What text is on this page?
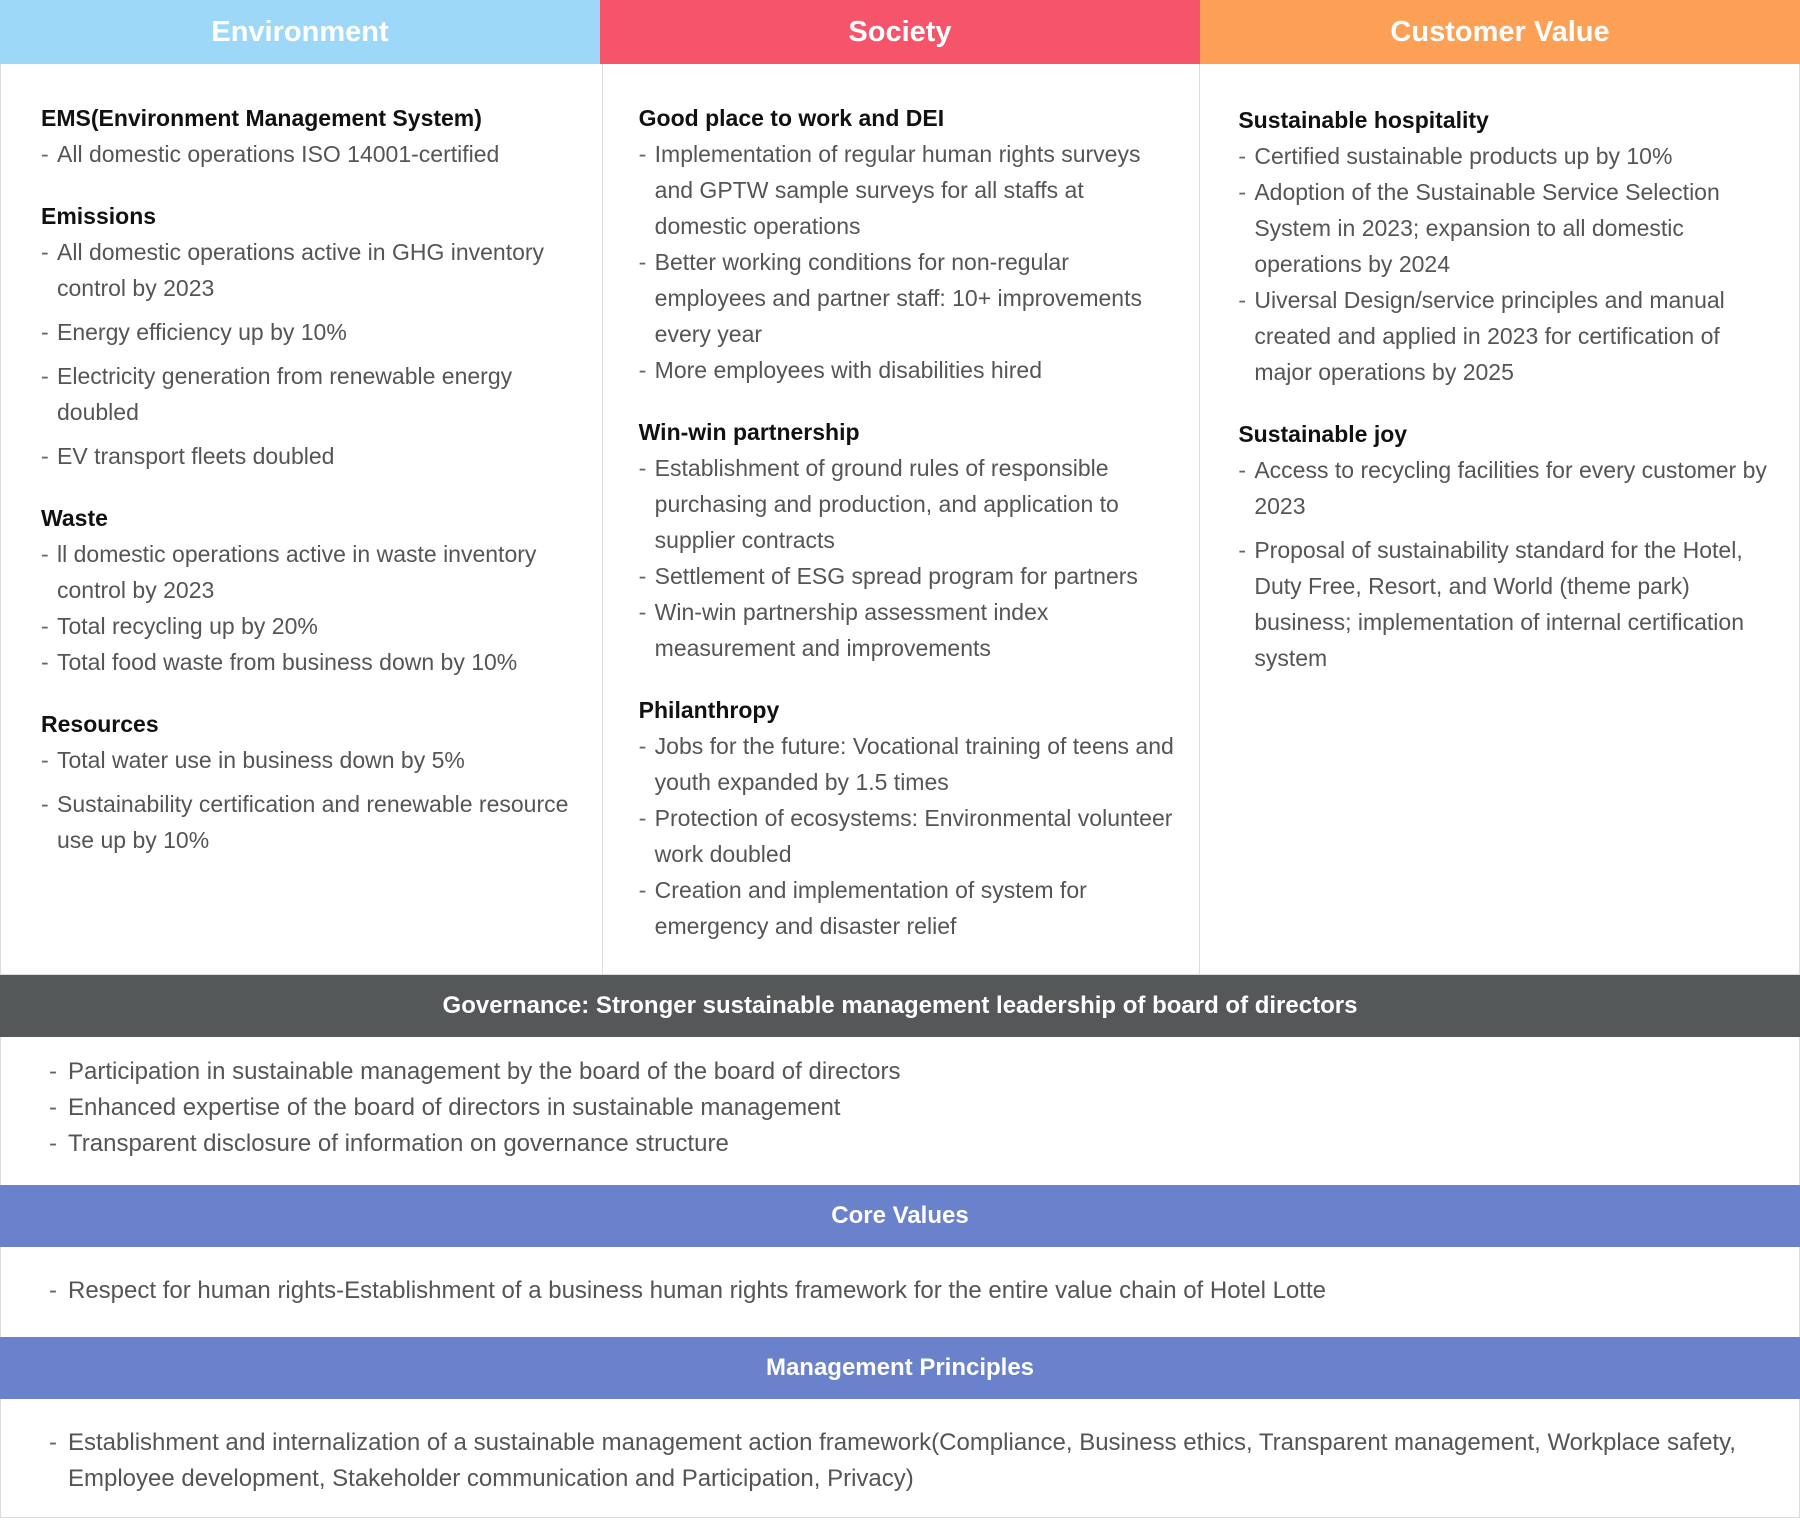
Environment	Society	Customer Value
EMS(Environment Management System)
- All domestic operations ISO 14001-certified
Emissions
- All domestic operations active in GHG inventory control by 2023
- Energy efficiency up by 10%
- Electricity generation from renewable energy doubled
- EV transport fleets doubled
Waste
- ll domestic operations active in waste inventory control by 2023
- Total recycling up by 20%
- Total food waste from business down by 10%
Resources
- Total water use in business down by 5%
- Sustainability certification and renewable resource use up by 10%
Good place to work and DEI
- Implementation of regular human rights surveys and GPTW sample surveys for all staffs at domestic operations
- Better working conditions for non-regular employees and partner staff: 10+ improvements every year
- More employees with disabilities hired
Win-win partnership
- Establishment of ground rules of responsible purchasing and production, and application to supplier contracts
- Settlement of ESG spread program for partners
- Win-win partnership assessment index measurement and improvements
Philanthropy
- Jobs for the future: Vocational training of teens and youth expanded by 1.5 times
- Protection of ecosystems: Environmental volunteer work doubled
- Creation and implementation of system for emergency and disaster relief
Sustainable hospitality
- Certified sustainable products up by 10%
- Adoption of the Sustainable Service Selection System in 2023; expansion to all domestic operations by 2024
- Uiversal Design/service principles and manual created and applied in 2023 for certification of major operations by 2025
Sustainable joy
- Access to recycling facilities for every customer by 2023
- Proposal of sustainability standard for the Hotel, Duty Free, Resort, and World (theme park) business; implementation of internal certification system
Governance: Stronger sustainable management leadership of board of directors
- Participation in sustainable management by the board of the board of directors
- Enhanced expertise of the board of directors in sustainable management
- Transparent disclosure of information on governance structure
Core Values
- Respect for human rights-Establishment of a business human rights framework for the entire value chain of Hotel Lotte
Management Principles
- Establishment and internalization of a sustainable management action framework(Compliance, Business ethics, Transparent management, Workplace safety, Employee development, Stakeholder communication and Participation, Privacy)
